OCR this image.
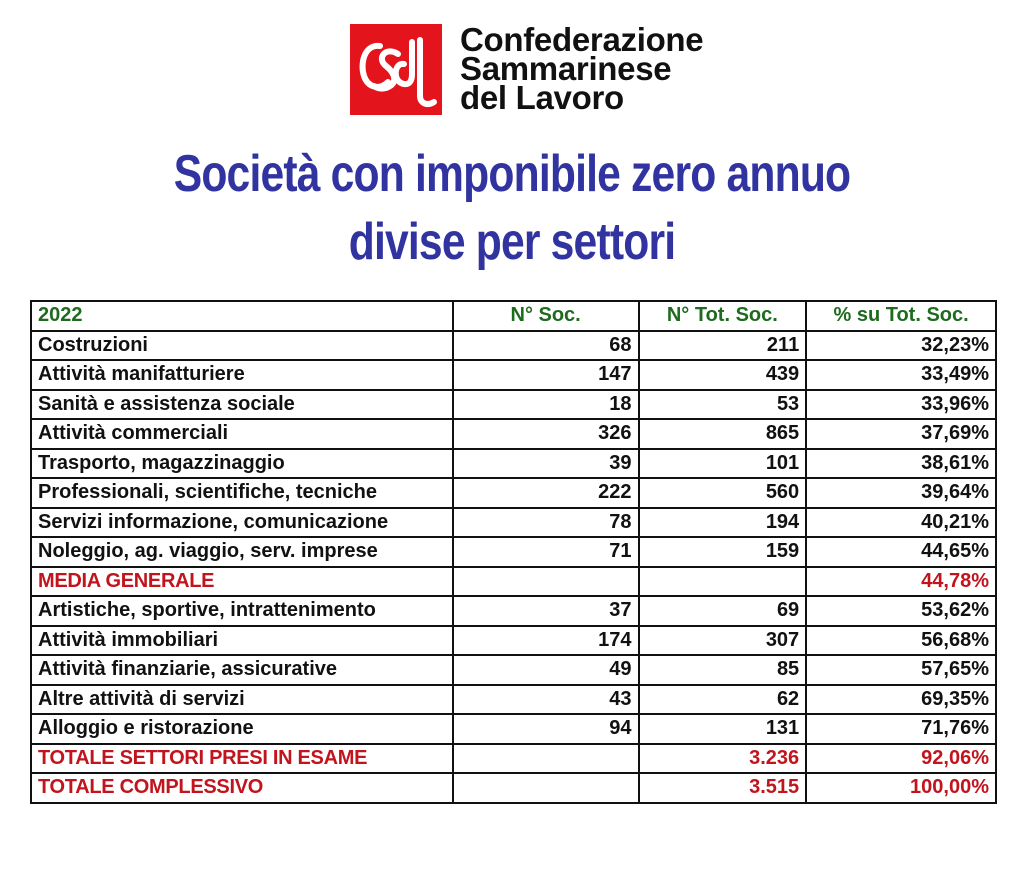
Confederazione
Sammarinese
del Lavoro
Società con imponibile zero annuo
divise per settori
2022	N° Soc.	N° Tot. Soc.	% su Tot. Soc.
Costruzioni	68	211	32,23%
Attività manifatturiere	147	439	33,49%
Sanità e assistenza sociale	18	53	33,96%
Attività commerciali	326	865	37,69%
Trasporto, magazzinaggio	39	101	38,61%
Professionali, scientifiche, tecniche	222	560	39,64%
Servizi informazione, comunicazione	78	194	40,21%
Noleggio, ag. viaggio, serv. imprese	71	159	44,65%
MEDIA GENERALE			44,78%
Artistiche, sportive, intrattenimento	37	69	53,62%
Attività immobiliari	174	307	56,68%
Attività finanziarie, assicurative	49	85	57,65%
Altre attività di servizi	43	62	69,35%
Alloggio e ristorazione	94	131	71,76%
TOTALE SETTORI PRESI IN ESAME		3.236	92,06%
TOTALE COMPLESSIVO		3.515	100,00%
